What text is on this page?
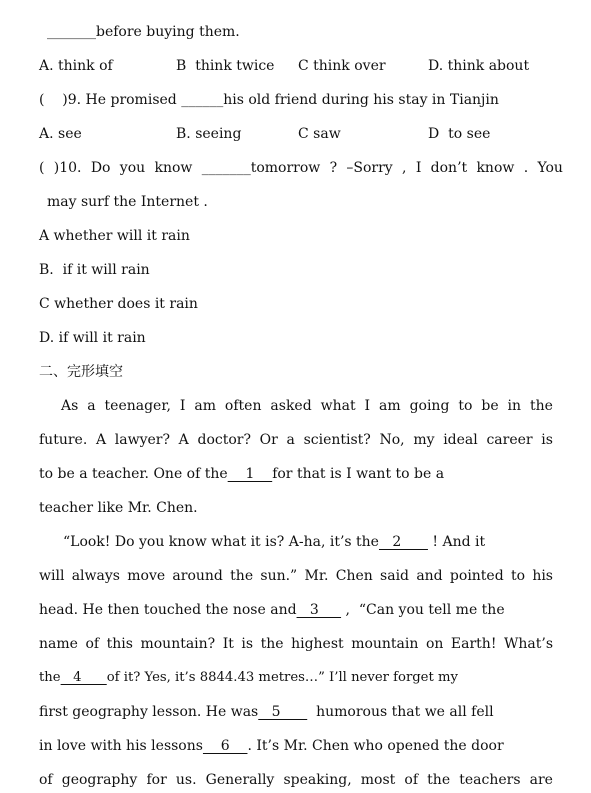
_______before buying them.
A. think of	B  think twice C think over	D. think about
(    )9. He promised ______his old friend during his stay in Tianjin
A. see	B. seeing	C saw	D  to see
( )10. Do you know _______tomorrow ? –Sorry , I don’t know . You
may surf the Internet .
A whether will it rain
B.  if it will rain
C whether does it rain
D. if will it rain
二、完形填空
As a teenager, I am often asked what I am going to be in the
future. A lawyer? A doctor? Or a scientist? No, my ideal career is
to be a teacher. One of the    1    for that is I want to be a
teacher like Mr. Chen.
“Look! Do you know what it is? A-ha, it’s the   2       ! And it
will always move around the sun.” Mr. Chen said and pointed to his
head. He then touched the nose and   3      ,  “Can you tell me the
name of this mountain? It is the highest mountain on Earth! What’s
the   4      of it? Yes, it’s 8844.43 metres…” I’ll never forget my
first geography lesson. He was   5        humorous that we all fell
in love with his lessons    6    . It’s Mr. Chen who opened the door
of geography for us. Generally speaking, most of the teachers are
